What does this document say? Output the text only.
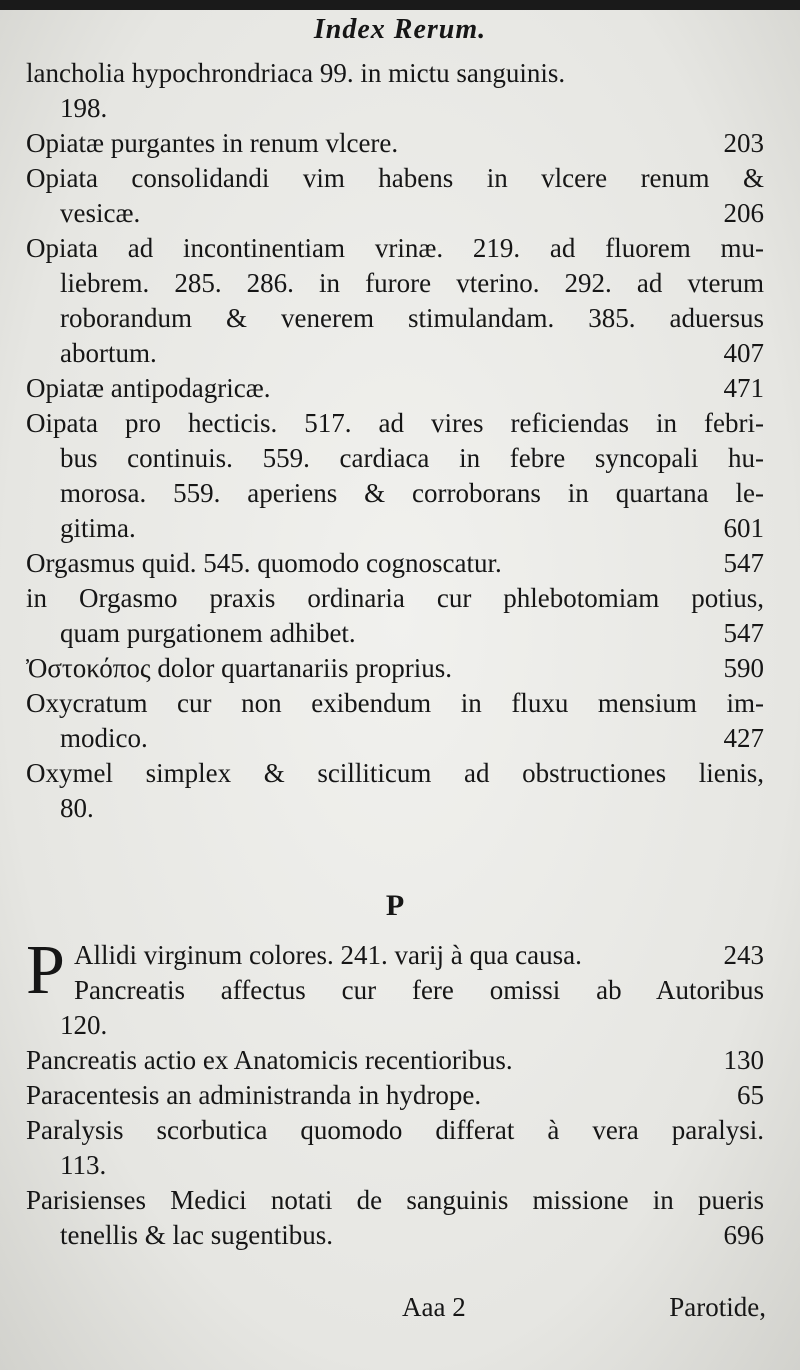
Index Rerum.
lancholia hypochrondriaca 99. in mictu sanguinis.
198.
Opiatæ purgantes in renum vlcere.	203
Opiata consolidandi vim habens in vlcere renum &
vesicæ.	206
Opiata ad incontinentiam vrinæ. 219. ad fluorem mu-
liebrem. 285. 286. in furore vterino. 292. ad vterum
roborandum & venerem stimulandam. 385. aduersus
abortum.	407
Opiatæ antipodagricæ.	471
Oipata pro hecticis. 517. ad vires reficiendas in febri-
bus continuis. 559. cardiaca in febre syncopali hu-
morosa. 559. aperiens & corroborans in quartana le-
gitima.	601
Orgasmus quid. 545. quomodo cognoscatur.	547
in Orgasmo praxis ordinaria cur phlebotomiam potius,
quam purgationem adhibet.	547
Ὀστοκόπος dolor quartanariis proprius.	590
Oxycratum cur non exibendum in fluxu mensium im-
modico.	427
Oxymel simplex & scilliticum ad obstructiones lienis,
80.
P
P Allidi virginum colores. 241. varij à qua causa.	243
Pancreatis affectus cur fere omissi ab Autoribus
120.
Pancreatis actio ex Anatomicis recentioribus.	130
Paracentesis an administranda in hydrope.	65
Paralysis scorbutica quomodo differat à vera paralysi.
113.
Parisienses Medici notati de sanguinis missione in pueris
tenellis & lac sugentibus.	696
Aaa 2	Parotide,
